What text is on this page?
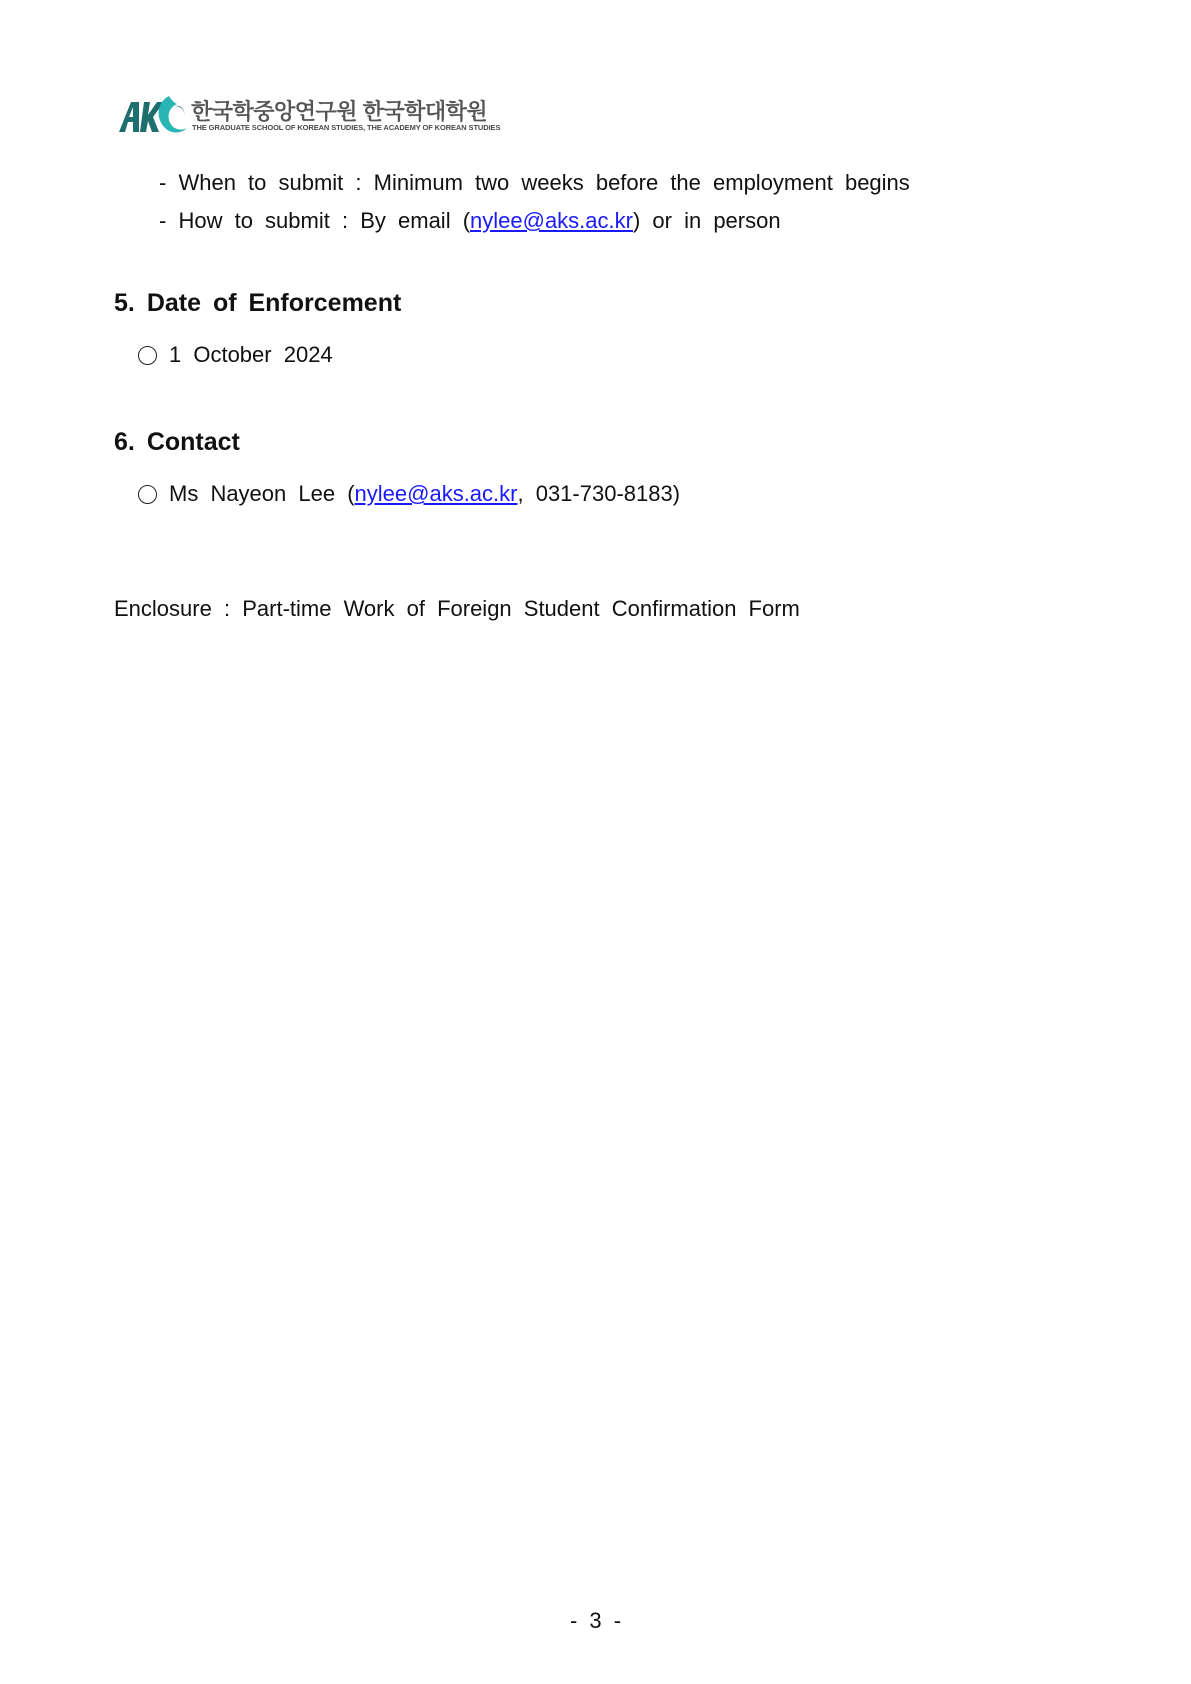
한국학중앙연구원 한국학대학원
THE GRADUATE SCHOOL OF KOREAN STUDIES, THE ACADEMY OF KOREAN STUDIES
- When to submit : Minimum two weeks before the employment begins
- How to submit : By email (nylee@aks.ac.kr) or in person
5. Date of Enforcement
1 October 2024
6. Contact
Ms Nayeon Lee (nylee@aks.ac.kr, 031-730-8183)
Enclosure : Part-time Work of Foreign Student Confirmation Form
- 3 -
